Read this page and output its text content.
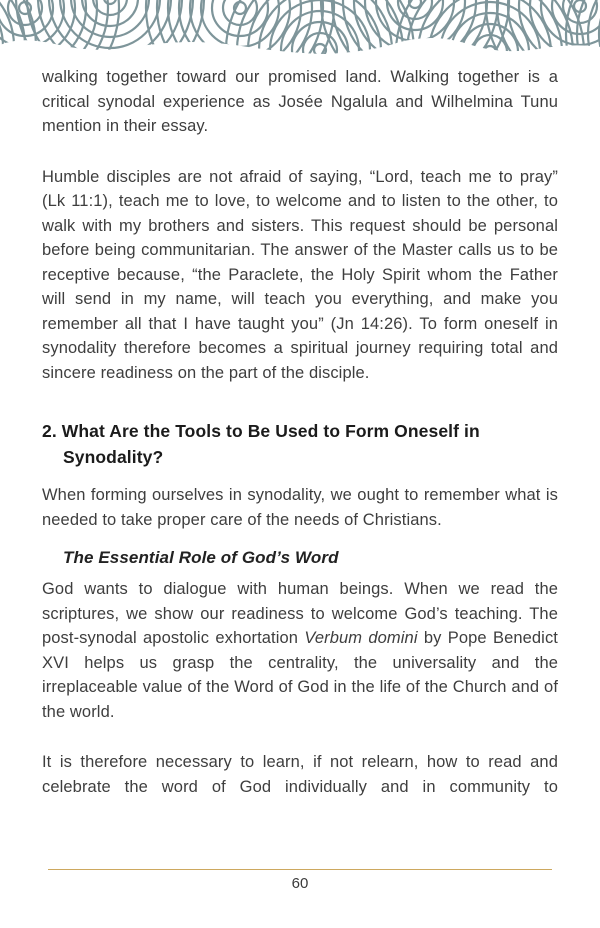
walking together toward our promised land. Walking together is a critical synodal experience as Josée Ngalula and Wilhelmina Tunu mention in their essay.

Humble disciples are not afraid of saying, “Lord, teach me to pray” (Lk 11:1), teach me to love, to welcome and to listen to the other, to walk with my brothers and sisters. This request should be personal before being communitarian. The answer of the Master calls us to be receptive because, “the Paraclete, the Holy Spirit whom the Father will send in my name, will teach you everything, and make you remember all that I have taught you” (Jn 14:26). To form oneself in synodality therefore becomes a spiritual journey requiring total and sincere readiness on the part of the disciple.

2. What Are the Tools to Be Used to Form Oneself in Synodality?

When forming ourselves in synodality, we ought to remember what is needed to take proper care of the needs of Christians.

The Essential Role of God’s Word

God wants to dialogue with human beings. When we read the scriptures, we show our readiness to welcome God’s teaching. The post-synodal apostolic exhortation Verbum domini by Pope Benedict XVI helps us grasp the centrality, the universality and the irreplaceable value of the Word of God in the life of the Church and of the world.

It is therefore necessary to learn, if not relearn, how to read and celebrate the word of God individually and in community to

60
